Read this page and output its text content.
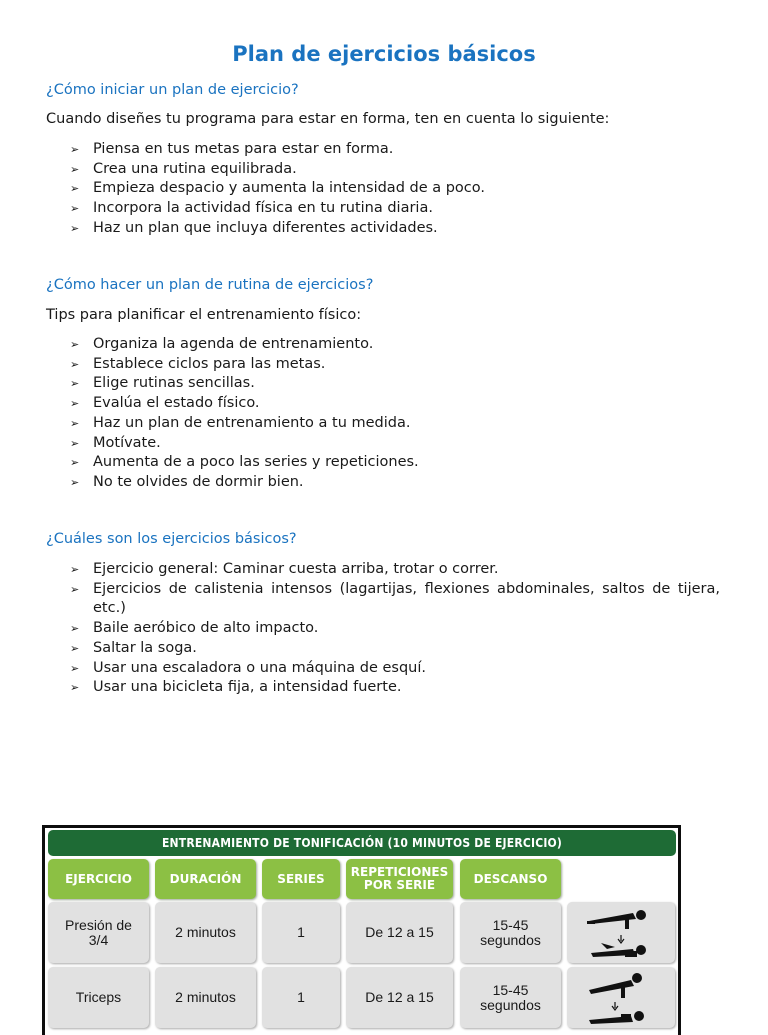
Plan de ejercicios básicos
¿Cómo iniciar un plan de ejercicio?
Cuando diseñes tu programa para estar en forma, ten en cuenta lo siguiente:
➢ Piensa en tus metas para estar en forma.
➢ Crea una rutina equilibrada.
➢ Empieza despacio y aumenta la intensidad de a poco.
➢ Incorpora la actividad física en tu rutina diaria.
➢ Haz un plan que incluya diferentes actividades.
¿Cómo hacer un plan de rutina de ejercicios?
Tips para planificar el entrenamiento físico:
➢ Organiza la agenda de entrenamiento.
➢ Establece ciclos para las metas.
➢ Elige rutinas sencillas.
➢ Evalúa el estado físico.
➢ Haz un plan de entrenamiento a tu medida.
➢ Motívate.
➢ Aumenta de a poco las series y repeticiones.
➢ No te olvides de dormir bien.
¿Cuáles son los ejercicios básicos?
➢ Ejercicio general: Caminar cuesta arriba, trotar o correr.
➢ Ejercicios de calistenia intensos (lagartijas, flexiones abdominales, saltos de tijera, etc.)
➢ Baile aeróbico de alto impacto.
➢ Saltar la soga.
➢ Usar una escaladora o una máquina de esquí.
➢ Usar una bicicleta fija, a intensidad fuerte.
ENTRENAMIENTO DE TONIFICACIÓN (10 MINUTOS DE EJERCICIO)
EJERCICIO	DURACIÓN	SERIES	REPETICIONES POR SERIE	DESCANSO
Presión de 3/4	2 minutos	1	De 12 a 15	15-45 segundos
Triceps	2 minutos	1	De 12 a 15	15-45 segundos
